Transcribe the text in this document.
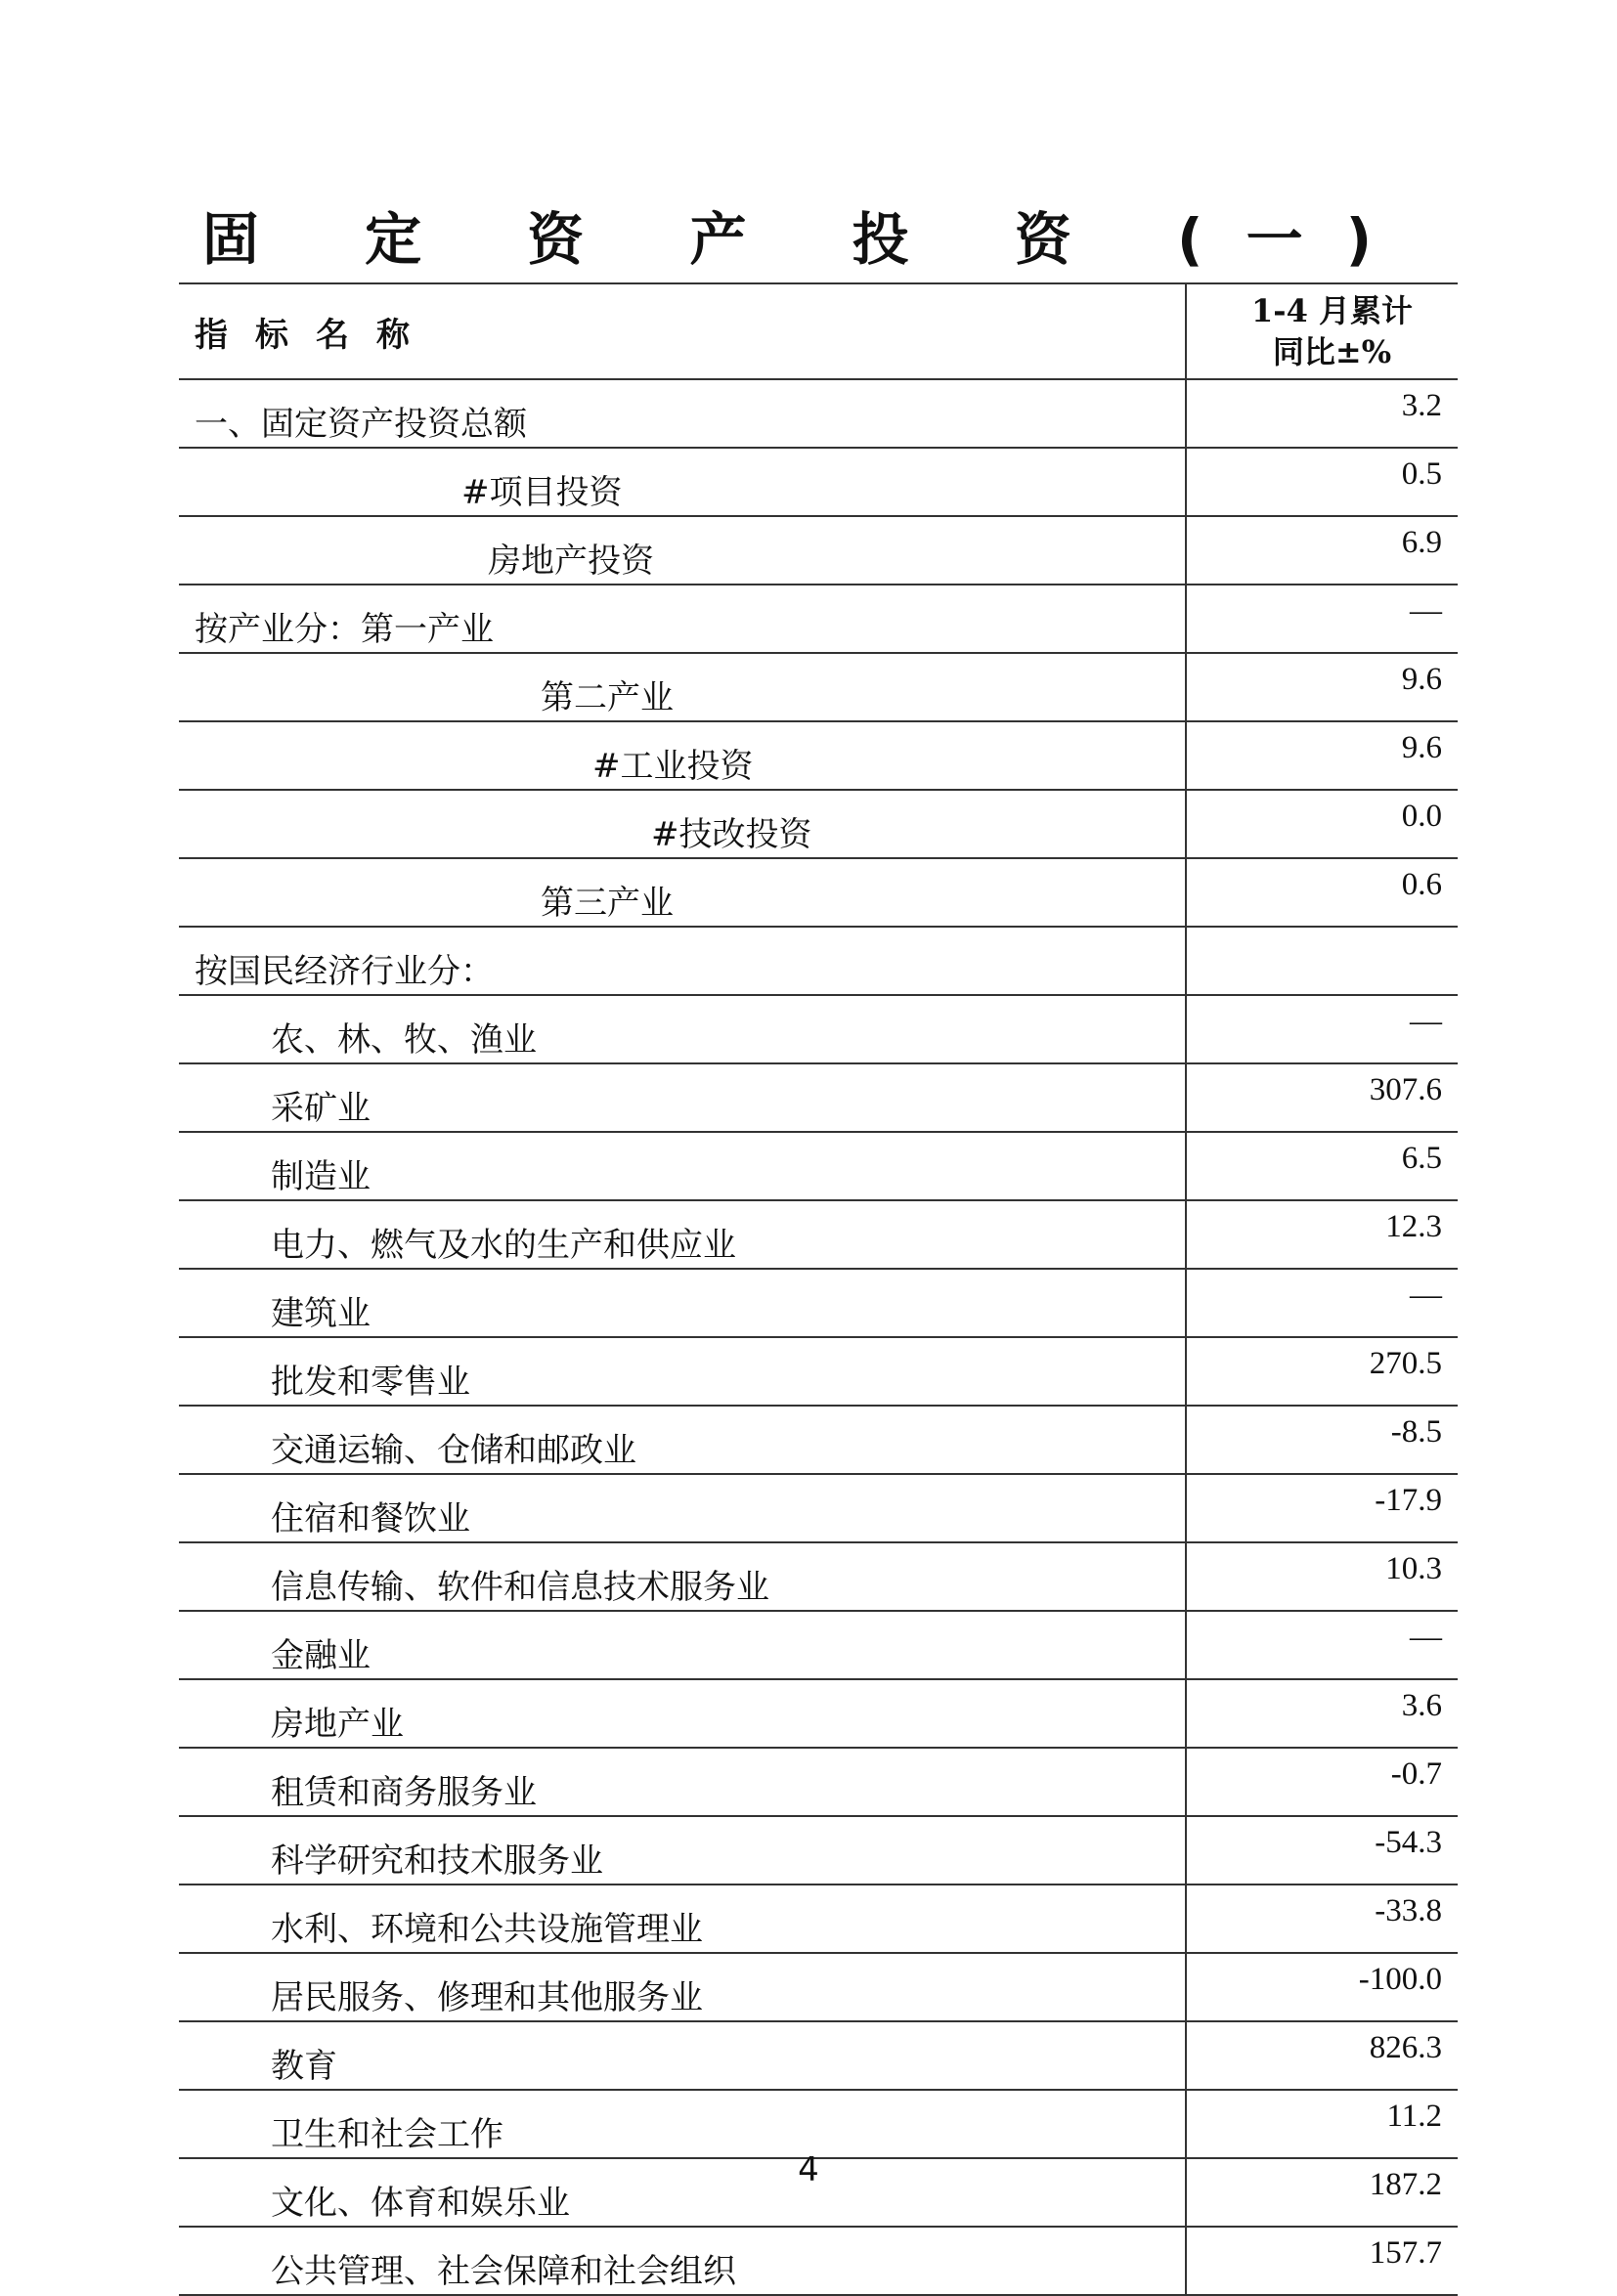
固 定 资 产 投 资 (一)
指标名称	1-4 月累计
同比±%

一、固定资产投资总额	3.2
#项目投资	0.5
房地产投资	6.9
按产业分：第一产业	—
第二产业	9.6
#工业投资	9.6
#技改投资	0.0
第三产业	0.6
按国民经济行业分：	
农、林、牧、渔业	—
采矿业	307.6
制造业	6.5
电力、燃气及水的生产和供应业	12.3
建筑业	—
批发和零售业	270.5
交通运输、仓储和邮政业	-8.5
住宿和餐饮业	-17.9
信息传输、软件和信息技术服务业	10.3
金融业	—
房地产业	3.6
租赁和商务服务业	-0.7
科学研究和技术服务业	-54.3
水利、环境和公共设施管理业	-33.8
居民服务、修理和其他服务业	-100.0
教育	826.3
卫生和社会工作	11.2
文化、体育和娱乐业	187.2
公共管理、社会保障和社会组织	157.7
4
